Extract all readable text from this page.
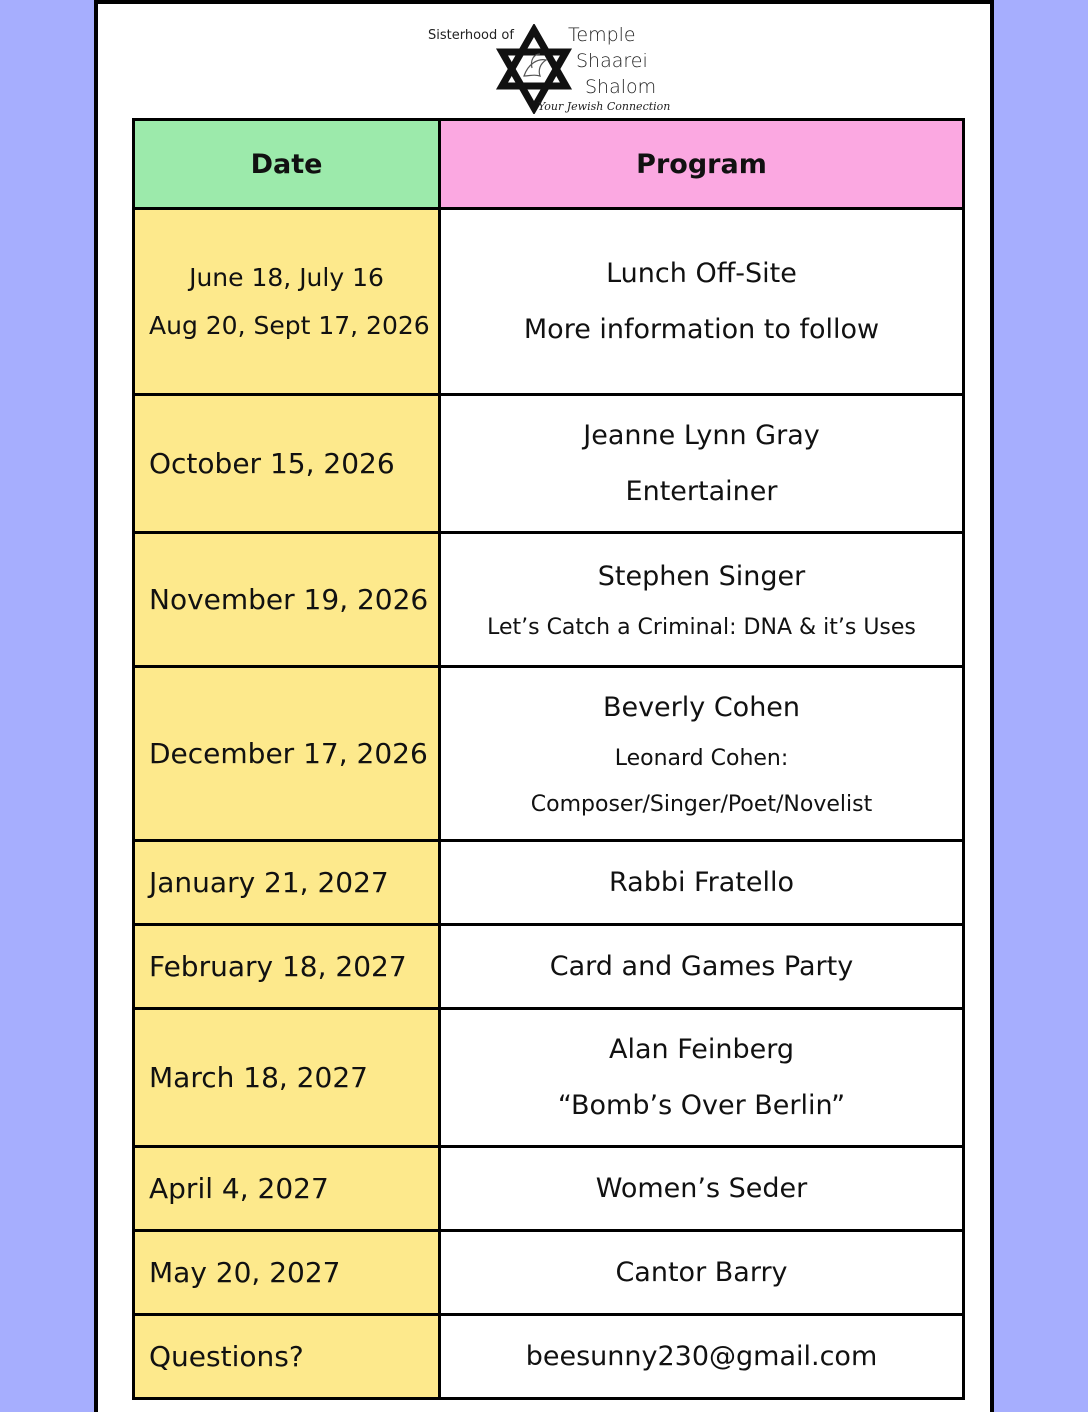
Sisterhood of	Temple
Shaarei
Shalom
Your Jewish Connection
Date	Program

June 18, July 16
Aug 20, Sept 17, 2026	Lunch Off-Site
More information to follow

October 15, 2026	Jeanne Lynn Gray
Entertainer

November 19, 2026	Stephen Singer
Let’s Catch a Criminal: DNA & it’s Uses

December 17, 2026	Beverly Cohen
Leonard Cohen:
Composer/Singer/Poet/Novelist

January 21, 2027	Rabbi Fratello

February 18, 2027	Card and Games Party

March 18, 2027	Alan Feinberg
“Bomb’s Over Berlin”

April 4, 2027	Women’s Seder

May 20, 2027	Cantor Barry

Questions?	beesunny230@gmail.com
